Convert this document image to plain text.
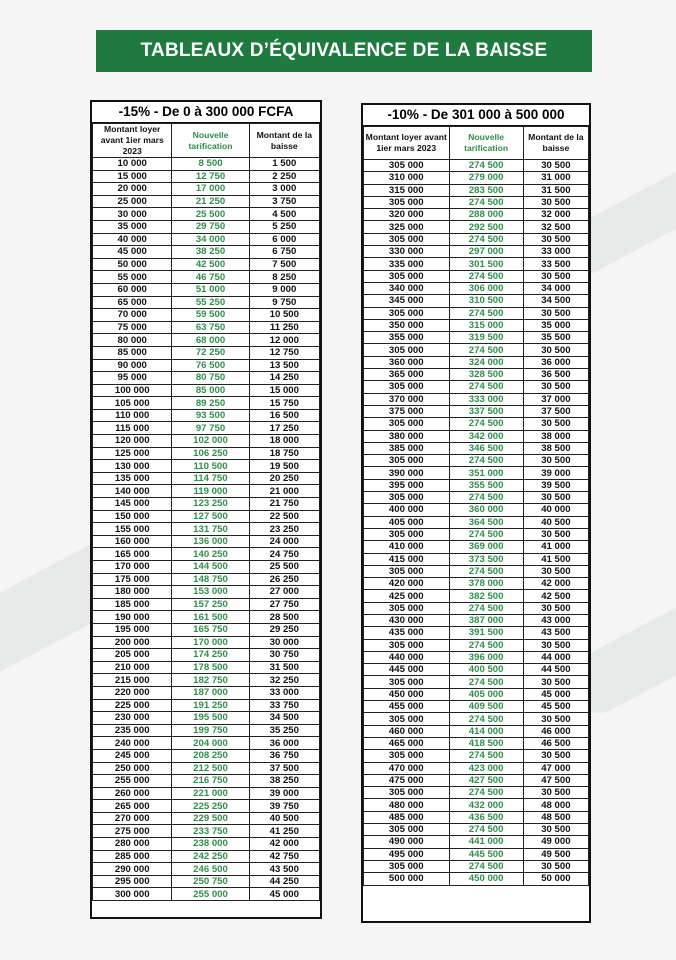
TABLEAUX D’ÉQUIVALENCE DE LA BAISSE
-15% - De 0 à 300 000 FCFA
Montant loyer avant 1ier mars 2023	Nouvelle tarification	Montant de la baisse
10 000	8 500	1 500
15 000	12 750	2 250
20 000	17 000	3 000
25 000	21 250	3 750
30 000	25 500	4 500
35 000	29 750	5 250
40 000	34 000	6 000
45 000	38 250	6 750
50 000	42 500	7 500
55 000	46 750	8 250
60 000	51 000	9 000
65 000	55 250	9 750
70 000	59 500	10 500
75 000	63 750	11 250
80 000	68 000	12 000
85 000	72 250	12 750
90 000	76 500	13 500
95 000	80 750	14 250
100 000	85 000	15 000
105 000	89 250	15 750
110 000	93 500	16 500
115 000	97 750	17 250
120 000	102 000	18 000
125 000	106 250	18 750
130 000	110 500	19 500
135 000	114 750	20 250
140 000	119 000	21 000
145 000	123 250	21 750
150 000	127 500	22 500
155 000	131 750	23 250
160 000	136 000	24 000
165 000	140 250	24 750
170 000	144 500	25 500
175 000	148 750	26 250
180 000	153 000	27 000
185 000	157 250	27 750
190 000	161 500	28 500
195 000	165 750	29 250
200 000	170 000	30 000
205 000	174 250	30 750
210 000	178 500	31 500
215 000	182 750	32 250
220 000	187 000	33 000
225 000	191 250	33 750
230 000	195 500	34 500
235 000	199 750	35 250
240 000	204 000	36 000
245 000	208 250	36 750
250 000	212 500	37 500
255 000	216 750	38 250
260 000	221 000	39 000
265 000	225 250	39 750
270 000	229 500	40 500
275 000	233 750	41 250
280 000	238 000	42 000
285 000	242 250	42 750
290 000	246 500	43 500
295 000	250 750	44 250
300 000	255 000	45 000
-10% - De 301 000 à 500 000
Montant loyer avant 1ier mars 2023	Nouvelle tarification	Montant de la baisse
305 000	274 500	30 500
310 000	279 000	31 000
315 000	283 500	31 500
305 000	274 500	30 500
320 000	288 000	32 000
325 000	292 500	32 500
305 000	274 500	30 500
330 000	297 000	33 000
335 000	301 500	33 500
305 000	274 500	30 500
340 000	306 000	34 000
345 000	310 500	34 500
305 000	274 500	30 500
350 000	315 000	35 000
355 000	319 500	35 500
305 000	274 500	30 500
360 000	324 000	36 000
365 000	328 500	36 500
305 000	274 500	30 500
370 000	333 000	37 000
375 000	337 500	37 500
305 000	274 500	30 500
380 000	342 000	38 000
385 000	346 500	38 500
305 000	274 500	30 500
390 000	351 000	39 000
395 000	355 500	39 500
305 000	274 500	30 500
400 000	360 000	40 000
405 000	364 500	40 500
305 000	274 500	30 500
410 000	369 000	41 000
415 000	373 500	41 500
305 000	274 500	30 500
420 000	378 000	42 000
425 000	382 500	42 500
305 000	274 500	30 500
430 000	387 000	43 000
435 000	391 500	43 500
305 000	274 500	30 500
440 000	396 000	44 000
445 000	400 500	44 500
305 000	274 500	30 500
450 000	405 000	45 000
455 000	409 500	45 500
305 000	274 500	30 500
460 000	414 000	46 000
465 000	418 500	46 500
305 000	274 500	30 500
470 000	423 000	47 000
475 000	427 500	47 500
305 000	274 500	30 500
480 000	432 000	48 000
485 000	436 500	48 500
305 000	274 500	30 500
490 000	441 000	49 000
495 000	445 500	49 500
305 000	274 500	30 500
500 000	450 000	50 000
